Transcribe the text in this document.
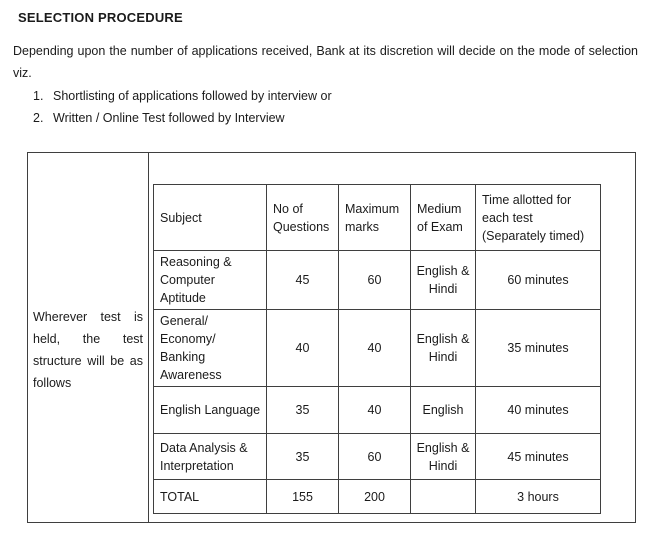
SELECTION PROCEDURE
Depending upon the number of applications received, Bank at its discretion will decide on the mode of selection viz.
1. Shortlisting of applications followed by interview or
2. Written / Online Test followed by Interview
Wherever test is held, the test structure will be as follows
Subject	No of Questions	Maximum marks	Medium of Exam	Time allotted for each test (Separately timed)
Reasoning & Computer Aptitude	45	60	English & Hindi	60 minutes
General/ Economy/ Banking Awareness	40	40	English & Hindi	35 minutes
English Language	35	40	English	40 minutes
Data Analysis & Interpretation	35	60	English & Hindi	45 minutes
TOTAL	155	200		3 hours
